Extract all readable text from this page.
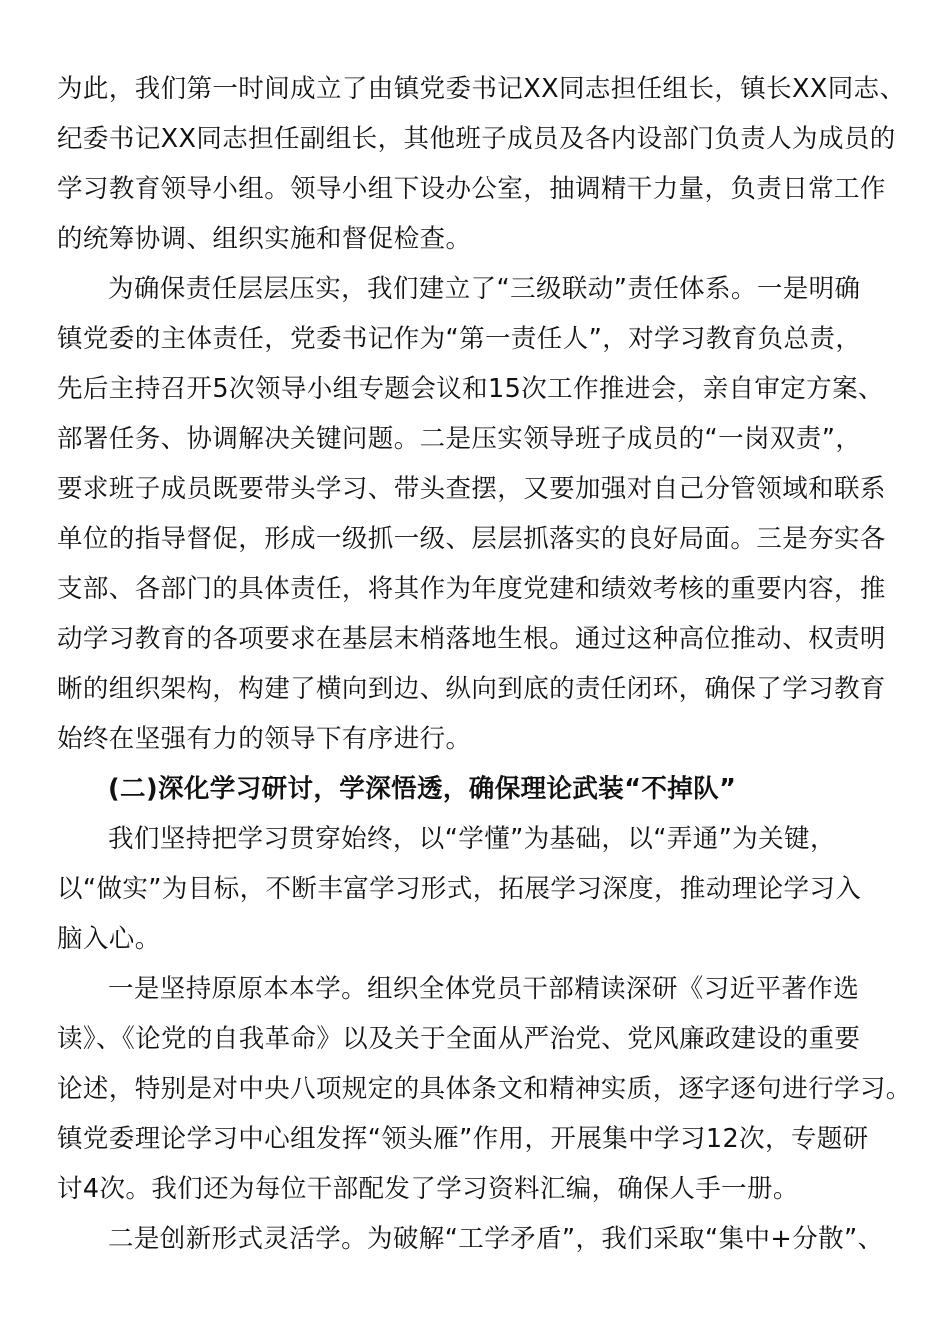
为此，我们第一时间成立了由镇党委书记XX同志担任组长，镇长XX同志、
纪委书记XX同志担任副组长，其他班子成员及各内设部门负责人为成员的
学习教育领导小组。领导小组下设办公室，抽调精干力量，负责日常工作
的统筹协调、组织实施和督促检查。
为确保责任层层压实，我们建立了“三级联动”责任体系。一是明确
镇党委的主体责任，党委书记作为“第一责任人”，对学习教育负总责，
先后主持召开5次领导小组专题会议和15次工作推进会，亲自审定方案、
部署任务、协调解决关键问题。二是压实领导班子成员的“一岗双责”，
要求班子成员既要带头学习、带头查摆，又要加强对自己分管领域和联系
单位的指导督促，形成一级抓一级、层层抓落实的良好局面。三是夯实各
支部、各部门的具体责任，将其作为年度党建和绩效考核的重要内容，推
动学习教育的各项要求在基层末梢落地生根。通过这种高位推动、权责明
晰的组织架构，构建了横向到边、纵向到底的责任闭环，确保了学习教育
始终在坚强有力的领导下有序进行。
(二)深化学习研讨，学深悟透，确保理论武装“不掉队”
我们坚持把学习贯穿始终，以“学懂”为基础，以“弄通”为关键，
以“做实”为目标，不断丰富学习形式，拓展学习深度，推动理论学习入
脑入心。
一是坚持原原本本学。组织全体党员干部精读深研《习近平著作选
读》、《论党的自我革命》以及关于全面从严治党、党风廉政建设的重要
论述，特别是对中央八项规定的具体条文和精神实质，逐字逐句进行学习。
镇党委理论学习中心组发挥“领头雁”作用，开展集中学习12次，专题研
讨4次。我们还为每位干部配发了学习资料汇编，确保人手一册。
二是创新形式灵活学。为破解“工学矛盾”，我们采取“集中+分散”、
